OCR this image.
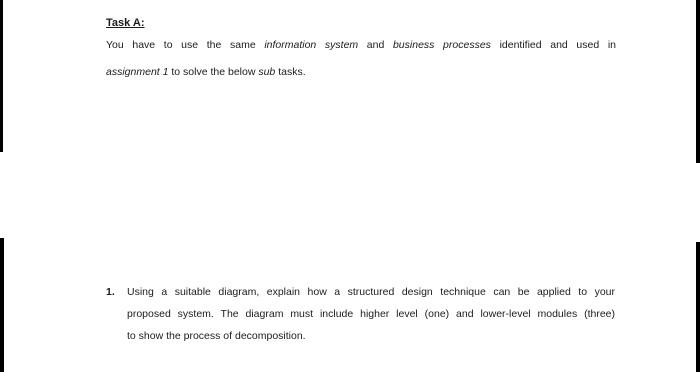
Task A:
You have to use the same information system and business processes identified and used in
assignment 1 to solve the below sub tasks.
1. Using a suitable diagram, explain how a structured design technique can be applied to your
proposed system. The diagram must include higher level (one) and lower-level modules (three)
to show the process of decomposition.
